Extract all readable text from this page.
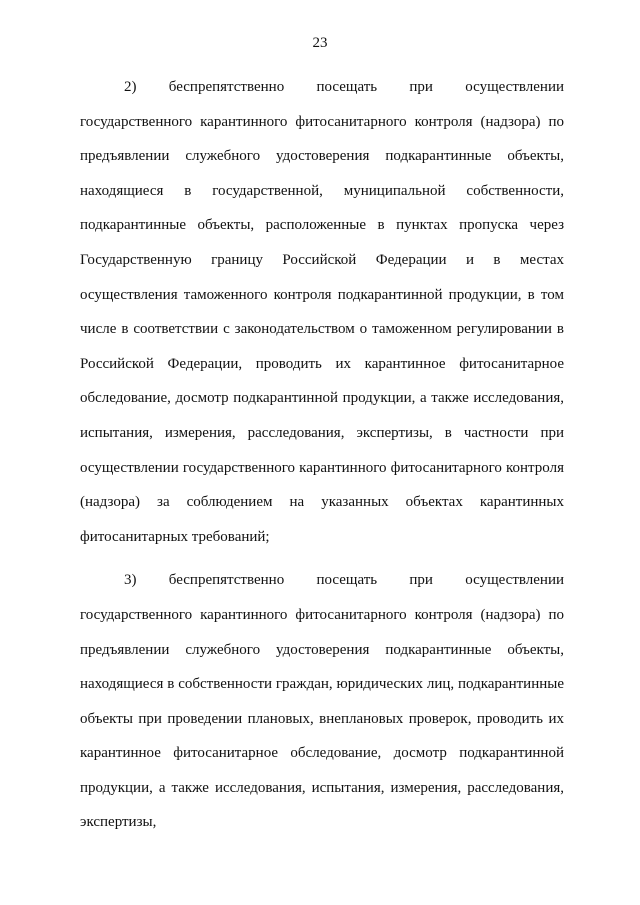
23

2) беспрепятственно посещать при осуществлении государственного карантинного фитосанитарного контроля (надзора) по предъявлении служебного удостоверения подкарантинные объекты, находящиеся в государственной, муниципальной собственности, подкарантинные объекты, расположенные в пунктах пропуска через Государственную границу Российской Федерации и в местах осуществления таможенного контроля подкарантинной продукции, в том числе в соответствии с законодательством о таможенном регулировании в Российской Федерации, проводить их карантинное фитосанитарное обследование, досмотр подкарантинной продукции, а также исследования, испытания, измерения, расследования, экспертизы, в частности при осуществлении государственного карантинного фитосанитарного контроля (надзора) за соблюдением на указанных объектах карантинных фитосанитарных требований;

3) беспрепятственно посещать при осуществлении государственного карантинного фитосанитарного контроля (надзора) по предъявлении служебного удостоверения подкарантинные объекты, находящиеся в собственности граждан, юридических лиц, подкарантинные объекты при проведении плановых, внеплановых проверок, проводить их карантинное фитосанитарное обследование, досмотр подкарантинной продукции, а также исследования, испытания, измерения, расследования, экспертизы,
